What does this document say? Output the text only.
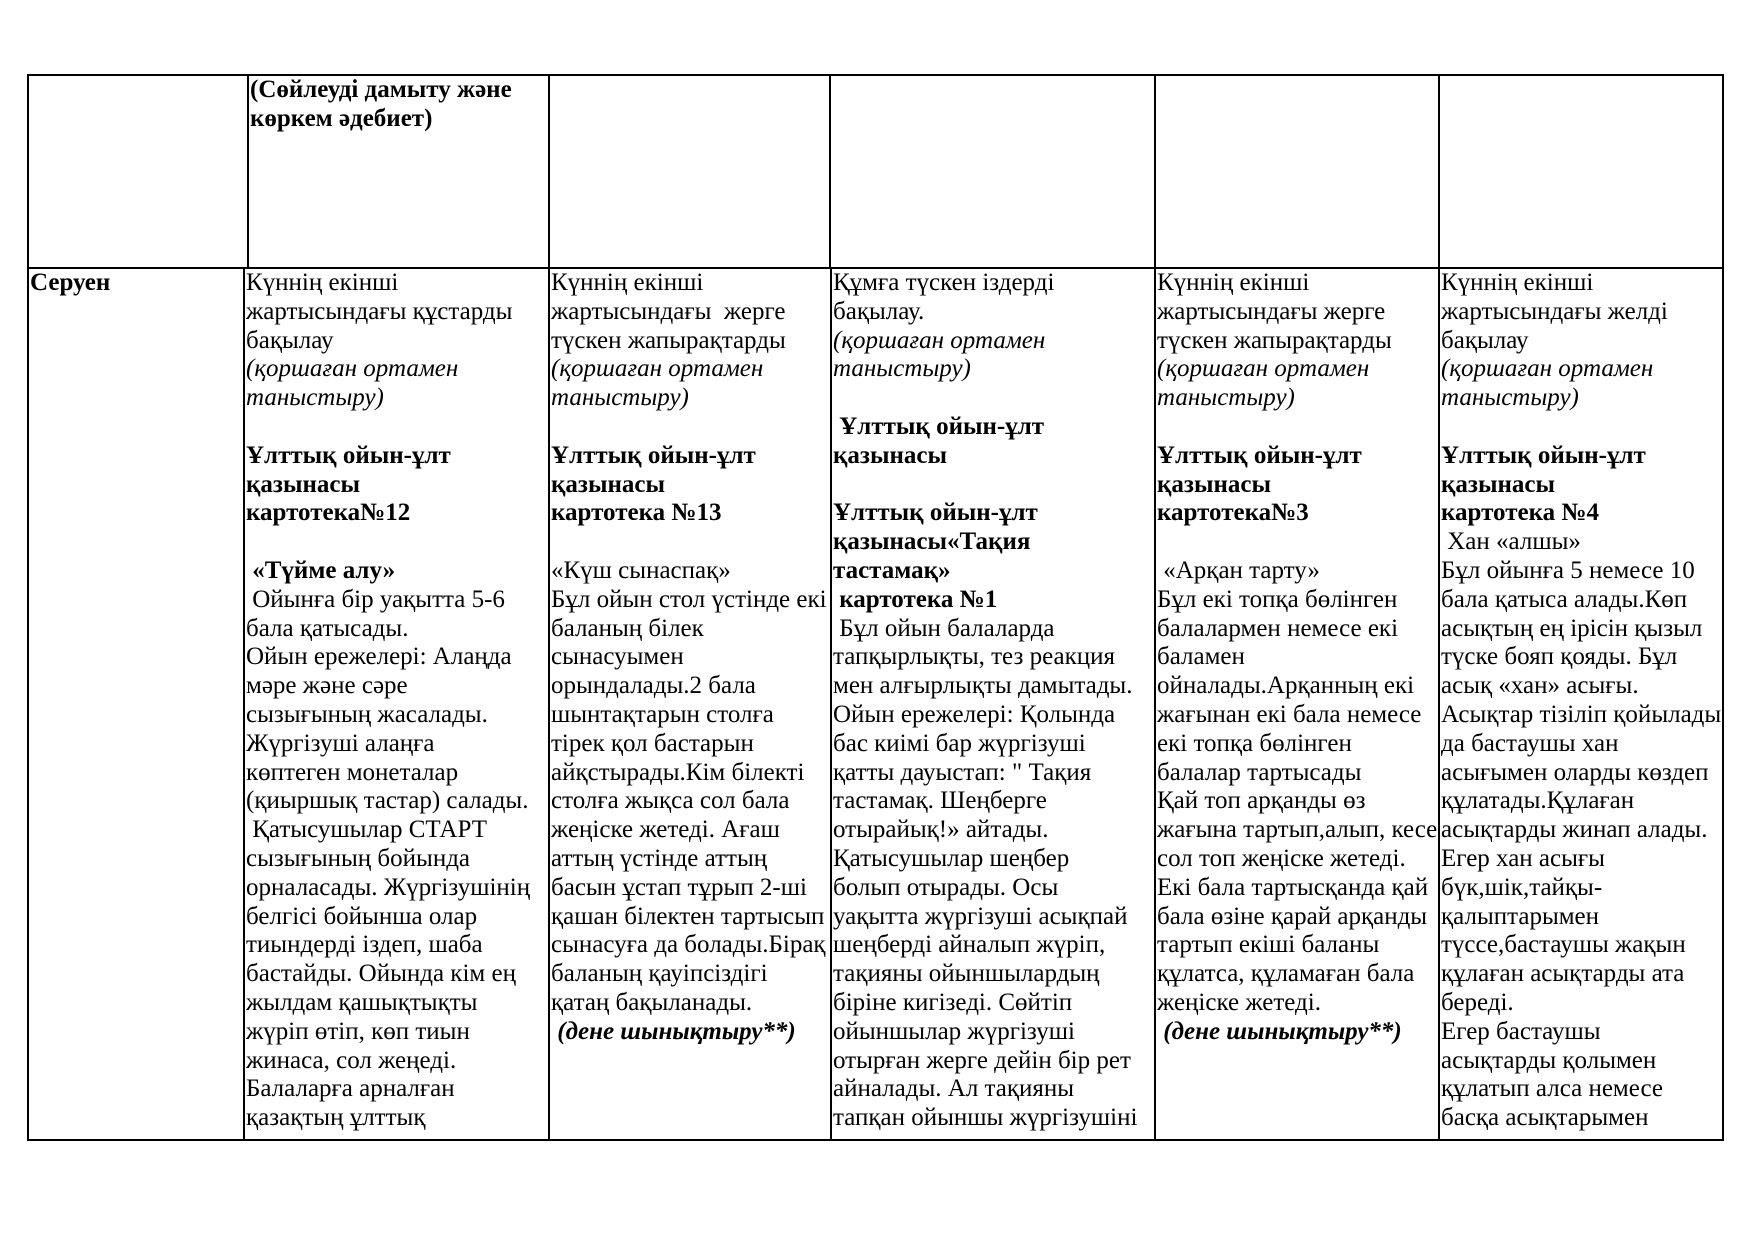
(Сөйлеуді дамыту және
көркем әдебиет)
Серуен	Күннің екінші
жартысындағы құстарды
бақылау
(қоршаған ортамен
таныстыру)
Ұлттық ойын-ұлт
қазынасы
картотека№12
«Түйме алу»
Ойынға бір уақытта 5-6
бала қатысады.
Ойын ережелері: Алаңда
мәре және сәре
сызығының жасалады.
Жүргізуші алаңға
көптеген монеталар
(қиыршық тастар) салады.
Қатысушылар СТАРТ
сызығының бойында
орналасады. Жүргізушінің
белгісі бойынша олар
тиындерді іздеп, шаба
бастайды. Ойында кім ең
жылдам қашықтықты
жүріп өтіп, көп тиын
жинаса, сол жеңеді.
Балаларға арналған
қазақтың ұлттық
Күннің екінші
жартысындағы  жерге
түскен жапырақтарды
(қоршаған ортамен
таныстыру)
Ұлттық ойын-ұлт
қазынасы
картотека №13
«Күш сынаспақ»
Бұл ойын стол үстінде екі
баланың білек
сынасуымен
орындалады.2 бала
шынтақтарын столға
тірек қол бастарын
айқстырады.Кім білекті
столға жықса сол бала
жеңіске жетеді. Ағаш
аттың үстінде аттың
басын ұстап тұрып 2-ші
қашан білектен тартысып
сынасуға да болады.Бірақ
баланың қауіпсіздігі
қатаң бақыланады.
(дене шынықтыру**)
Құмға түскен іздерді
бақылау.
(қоршаған ортамен
таныстыру)
Ұлттық ойын-ұлт
қазынасы
Ұлттық ойын-ұлт
қазынасы«Тақия
тастамақ»
картотека №1
Бұл ойын балаларда
тапқырлықты, тез реакция
мен алғырлықты дамытады.
Ойын ережелері: Қолында
бас киімі бар жүргізуші
қатты дауыстап: " Тақия
тастамақ. Шеңберге
отырайық!» айтады.
Қатысушылар шеңбер
болып отырады. Осы
уақытта жүргізуші асықпай
шеңберді айналып жүріп,
тақияны ойыншылардың
біріне кигізеді. Сөйтіп
ойыншылар жүргізуші
отырған жерге дейін бір рет
айналады. Ал тақияны
тапқан ойыншы жүргізушіні
Күннің екінші
жартысындағы жерге
түскен жапырақтарды
(қоршаған ортамен
таныстыру)
Ұлттық ойын-ұлт
қазынасы
картотека№3
«Арқан тарту»
Бұл екі топқа бөлінген
балалармен немесе екі
баламен
ойналады.Арқанның екі
жағынан екі бала немесе
екі топқа бөлінген
балалар тартысады
Қай топ арқанды өз
жағына тартып,алып, кесе
сол топ жеңіске жетеді.
Екі бала тартысқанда қай
бала өзіне қарай арқанды
тартып екіші баланы
құлатса, құламаған бала
жеңіске жетеді.
(дене шынықтыру**)
Күннің екінші
жартысындағы желді
бақылау
(қоршаған ортамен
таныстыру)
Ұлттық ойын-ұлт
қазынасы
картотека №4
Хан «алшы»
Бұл ойынға 5 немесе 10
бала қатыса алады.Көп
асықтың ең ірісін қызыл
түске бояп қояды. Бұл
асық «хан» асығы.
Асықтар тізіліп қойылады
да бастаушы хан
асығымен оларды көздеп
құлатады.Құлаған
асықтарды жинап алады.
Егер хан асығы
бүк,шік,тайқы-
қалыптарымен
түссе,бастаушы жақын
құлаған асықтарды ата
береді.
Егер бастаушы
асықтарды қолымен
құлатып алса немесе
басқа асықтарымен
